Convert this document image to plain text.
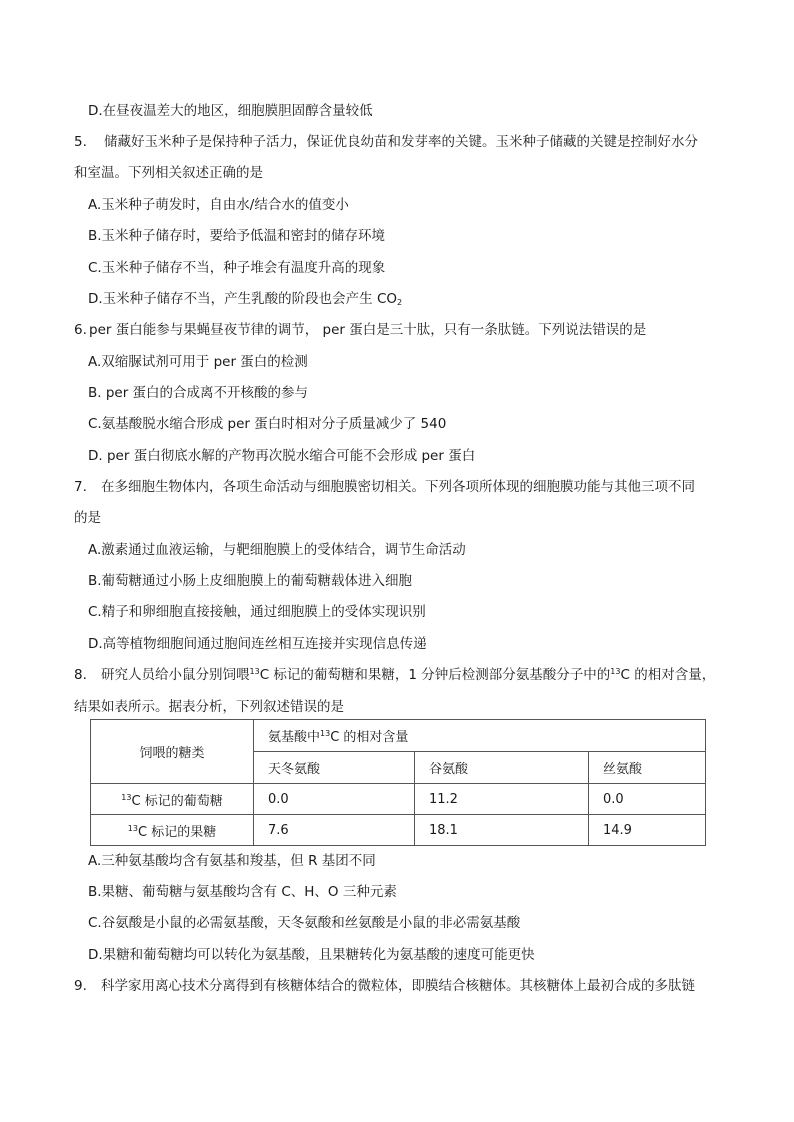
D.在昼夜温差大的地区，细胞膜胆固醇含量较低
5. 储藏好玉米种子是保持种子活力，保证优良幼苗和发芽率的关键。玉米种子储藏的关键是控制好水分
和室温。下列相关叙述正确的是
A.玉米种子萌发时，自由水/结合水的值变小
B.玉米种子储存时，要给予低温和密封的储存环境
C.玉米种子储存不当，种子堆会有温度升高的现象
D.玉米种子储存不当，产生乳酸的阶段也会产生 $CO_2$
6. per 蛋白能参与果蝇昼夜节律的调节， per 蛋白是三十肽，只有一条肽链。下列说法错误的是
A.双缩脲试剂可用于 per 蛋白的检测
B. per 蛋白的合成离不开核酸的参与
C.氨基酸脱水缩合形成 per 蛋白时相对分子质量减少了 540
D. per 蛋白彻底水解的产物再次脱水缩合可能不会形成 per 蛋白
7. 在多细胞生物体内，各项生命活动与细胞膜密切相关。下列各项所体现的细胞膜功能与其他三项不同
的是
A.激素通过血液运输，与靶细胞膜上的受体结合，调节生命活动
B.葡萄糖通过小肠上皮细胞膜上的葡萄糖载体进入细胞
C.精子和卵细胞直接接触，通过细胞膜上的受体实现识别
D.高等植物细胞间通过胞间连丝相互连接并实现信息传递
8. 研究人员给小鼠分别饲喂$^{13}$C 标记的葡萄糖和果糖，1 分钟后检测部分氨基酸分子中的$^{13}$C 的相对含量，
结果如表所示。据表分析，下列叙述错误的是
饲喂的糖类	氨基酸中$^{13}$C 的相对含量		
	天冬氨酸	谷氨酸	丝氨酸
$^{13}$C 标记的葡萄糖	0.0	11.2	0.0
$^{13}$C 标记的果糖	7.6	18.1	14.9
A.三种氨基酸均含有氨基和羧基，但 R 基团不同
B.果糖、葡萄糖与氨基酸均含有 C、H、O 三种元素
C.谷氨酸是小鼠的必需氨基酸，天冬氨酸和丝氨酸是小鼠的非必需氨基酸
D.果糖和葡萄糖均可以转化为氨基酸，且果糖转化为氨基酸的速度可能更快
9. 科学家用离心技术分离得到有核糖体结合的微粒体，即膜结合核糖体。其核糖体上最初合成的多肽链
